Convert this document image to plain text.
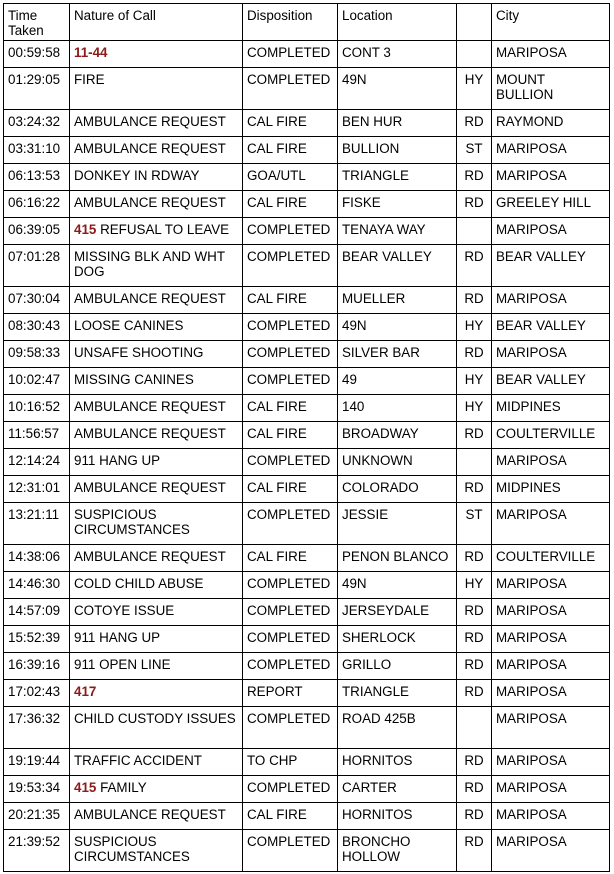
Time Taken	Nature of Call	Disposition	Location		City
00:59:58	11-44	COMPLETED	CONT 3		MARIPOSA
01:29:05	FIRE	COMPLETED	49N	HY	MOUNT BULLION
03:24:32	AMBULANCE REQUEST	CAL FIRE	BEN HUR	RD	RAYMOND
03:31:10	AMBULANCE REQUEST	CAL FIRE	BULLION	ST	MARIPOSA
06:13:53	DONKEY IN RDWAY	GOA/UTL	TRIANGLE	RD	MARIPOSA
06:16:22	AMBULANCE REQUEST	CAL FIRE	FISKE	RD	GREELEY HILL
06:39:05	415 REFUSAL TO LEAVE	COMPLETED	TENAYA WAY		MARIPOSA
07:01:28	MISSING BLK AND WHT DOG	COMPLETED	BEAR VALLEY	RD	BEAR VALLEY
07:30:04	AMBULANCE REQUEST	CAL FIRE	MUELLER	RD	MARIPOSA
08:30:43	LOOSE CANINES	COMPLETED	49N	HY	BEAR VALLEY
09:58:33	UNSAFE SHOOTING	COMPLETED	SILVER BAR	RD	MARIPOSA
10:02:47	MISSING CANINES	COMPLETED	49	HY	BEAR VALLEY
10:16:52	AMBULANCE REQUEST	CAL FIRE	140	HY	MIDPINES
11:56:57	AMBULANCE REQUEST	CAL FIRE	BROADWAY	RD	COULTERVILLE
12:14:24	911 HANG UP	COMPLETED	UNKNOWN		MARIPOSA
12:31:01	AMBULANCE REQUEST	CAL FIRE	COLORADO	RD	MIDPINES
13:21:11	SUSPICIOUS CIRCUMSTANCES	COMPLETED	JESSIE	ST	MARIPOSA
14:38:06	AMBULANCE REQUEST	CAL FIRE	PENON BLANCO	RD	COULTERVILLE
14:46:30	COLD CHILD ABUSE	COMPLETED	49N	HY	MARIPOSA
14:57:09	COTOYE ISSUE	COMPLETED	JERSEYDALE	RD	MARIPOSA
15:52:39	911 HANG UP	COMPLETED	SHERLOCK	RD	MARIPOSA
16:39:16	911 OPEN LINE	COMPLETED	GRILLO	RD	MARIPOSA
17:02:43	417	REPORT	TRIANGLE	RD	MARIPOSA
17:36:32	CHILD CUSTODY ISSUES	COMPLETED	ROAD 425B		MARIPOSA
19:19:44	TRAFFIC ACCIDENT	TO CHP	HORNITOS	RD	MARIPOSA
19:53:34	415 FAMILY	COMPLETED	CARTER	RD	MARIPOSA
20:21:35	AMBULANCE REQUEST	CAL FIRE	HORNITOS	RD	MARIPOSA
21:39:52	SUSPICIOUS CIRCUMSTANCES	COMPLETED	BRONCHO HOLLOW	RD	MARIPOSA
